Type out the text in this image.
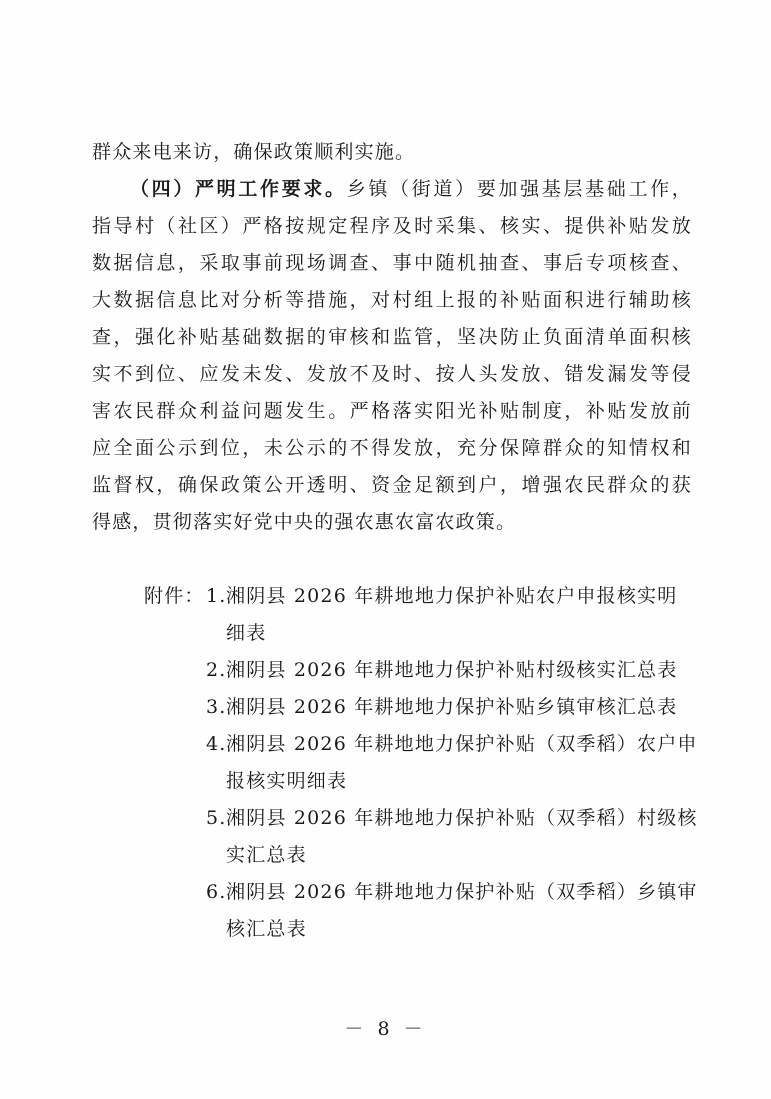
群众来电来访，确保政策顺利实施。
（四）严明工作要求。乡镇（街道）要加强基层基础工作，
指导村（社区）严格按规定程序及时采集、核实、提供补贴发放
数据信息，采取事前现场调查、事中随机抽查、事后专项核查、
大数据信息比对分析等措施，对村组上报的补贴面积进行辅助核
查，强化补贴基础数据的审核和监管，坚决防止负面清单面积核
实不到位、应发未发、发放不及时、按人头发放、错发漏发等侵
害农民群众利益问题发生。严格落实阳光补贴制度，补贴发放前
应全面公示到位，未公示的不得发放，充分保障群众的知情权和
监督权，确保政策公开透明、资金足额到户，增强农民群众的获
得感，贯彻落实好党中央的强农惠农富农政策。
附件： 1. 湘阴县 2026 年耕地地力保护补贴农户申报核实明
细表
2. 湘阴县 2026 年耕地地力保护补贴村级核实汇总表
3. 湘阴县 2026 年耕地地力保护补贴乡镇审核汇总表
4. 湘阴县 2026 年耕地地力保护补贴（双季稻）农户申
报核实明细表
5. 湘阴县 2026 年耕地地力保护补贴（双季稻）村级核
实汇总表
6. 湘阴县 2026 年耕地地力保护补贴（双季稻）乡镇审
核汇总表
－ 8 －
